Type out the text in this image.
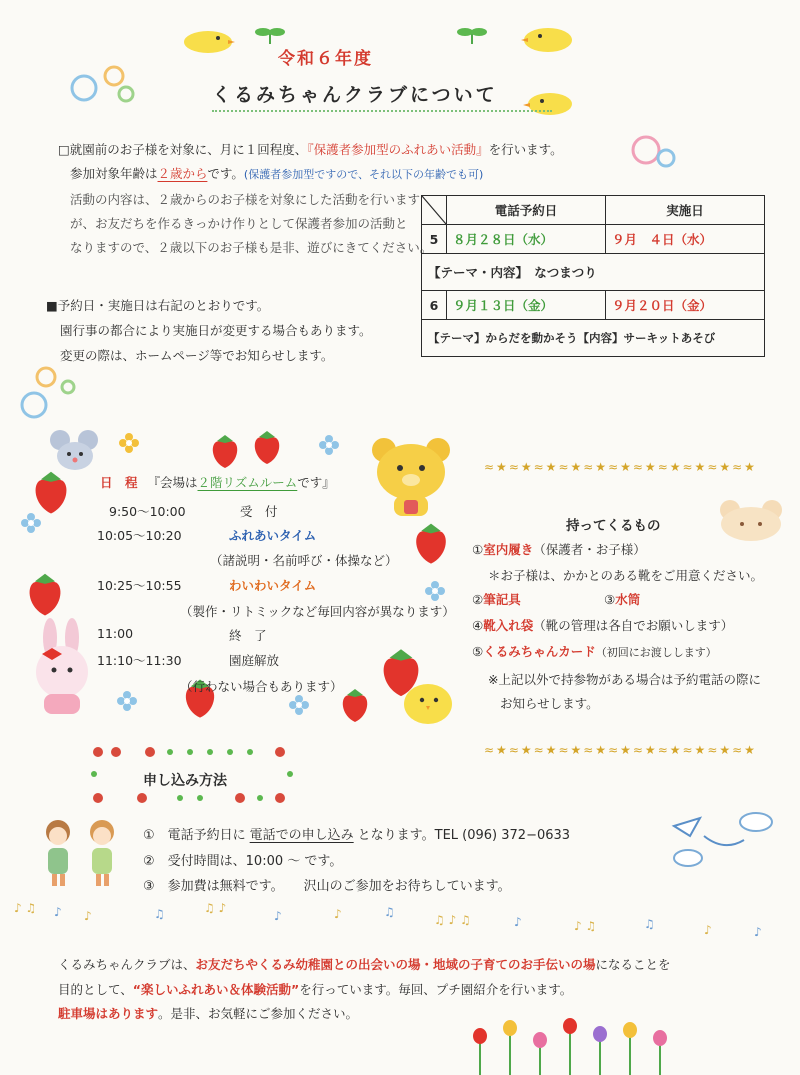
♪ ♫
♪
♫ ♪	♪	♫ ♪ ♫	♪ ♫	♪
♪	♫	♪	♫
♪	♫
♪
令和６年度
くるみちゃんクラブについて
□就園前のお子様を対象に、月に１回程度、『保護者参加型のふれあい活動』を行います。
参加対象年齢は２歳からです。(保護者参加型ですので、それ以下の年齢でも可)
活動の内容は、２歳からのお子様を対象にした活動を行います
が、お友だちを作るきっかけ作りとして保護者参加の活動と
なりますので、２歳以下のお子様も是非、遊びにきてください。
■予約日・実施日は右記のとおりです。
園行事の都合により実施日が変更する場合もあります。
変更の際は、ホームページ等でお知らせします。
	電話予約日	実施日
5	８月２８日（水）	９月　４日（水）
【テーマ・内容】　なつまつり		
6	９月１３日（金）	９月２０日（金）
【テーマ】からだを動かそう【内容】サーキットあそび		
日　程 『会場は２階リズムルームです』
9:50～10:00	受　付
10:05～10:20	ふれあいタイム
（諸説明・名前呼び・体操など）
10:25～10:55	わいわいタイム
（製作・リトミックなど毎回内容が異なります）
11:00	終　了
11:10～11:30	園庭解放
（行わない場合もあります）
≈★≈★≈★≈★≈★≈★≈★≈★≈★≈★≈★
持ってくるもの
①室内履き（保護者・お子様）
＊お子様は、かかとのある靴をご用意ください。
②筆記具	③水筒
④靴入れ袋（靴の管理は各自でお願いします）
⑤くるみちゃんカード（初回にお渡しします）
※上記以外で持参物がある場合は予約電話の際に
お知らせします。
≈★≈★≈★≈★≈★≈★≈★≈★≈★≈★≈★
申し込み方法
①　電話予約日に 電話での申し込み となります。TEL (096) 372−0633
②　受付時間は、10:00 ～ です。
③　参加費は無料です。 沢山のご参加をお待ちしています。
くるみちゃんクラブは、お友だちやくるみ幼稚園との出会いの場・地域の子育てのお手伝いの場になることを
目的として、“楽しいふれあい＆体験活動”を行っています。毎回、プチ園紹介を行います。
駐車場はあります。是非、お気軽にご参加ください。
